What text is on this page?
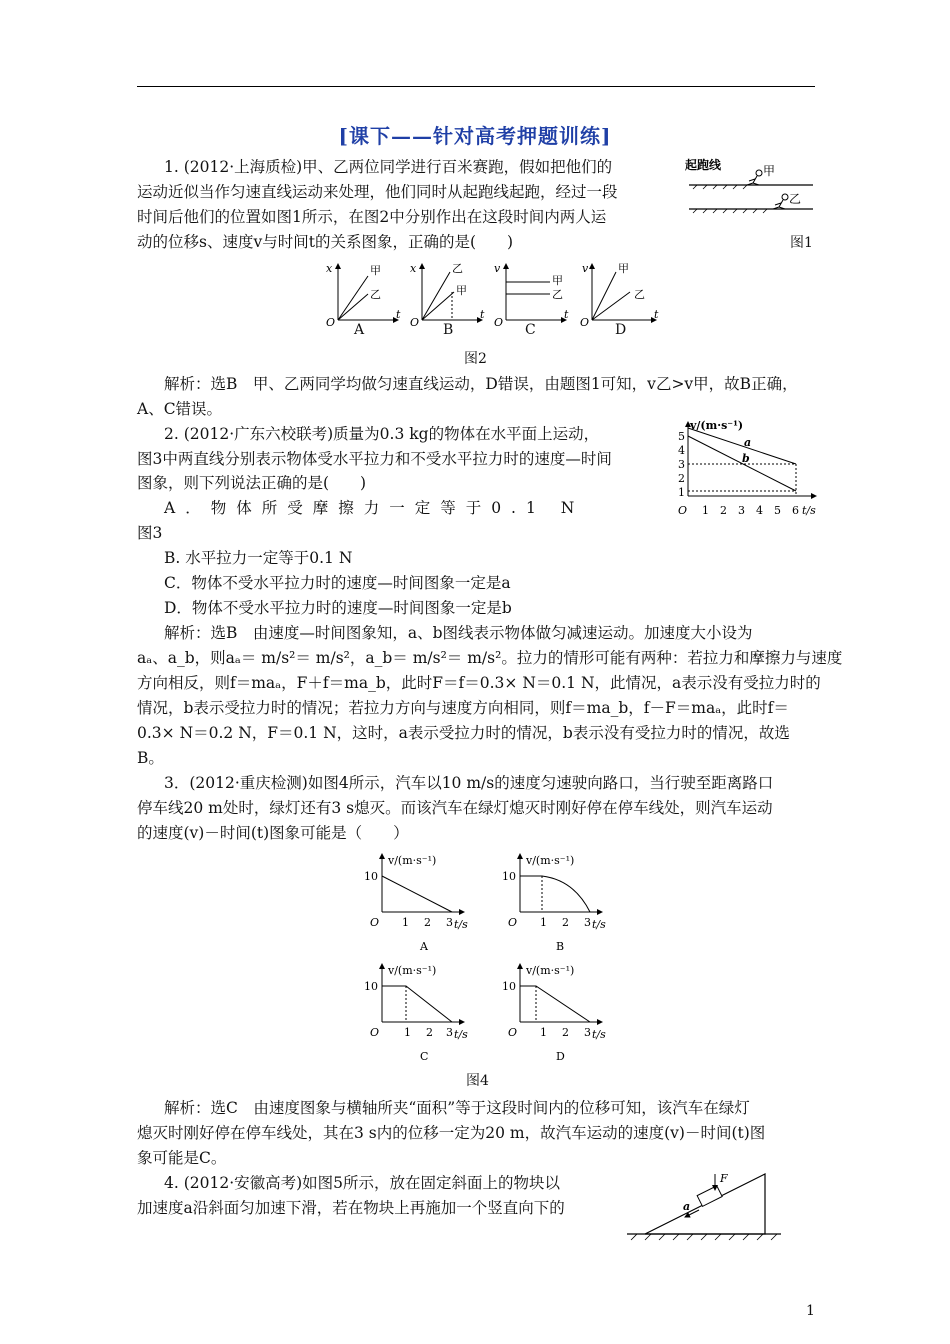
[课下——针对高考押题训练]
1. (2012·上海质检)甲、乙两位同学进行百米赛跑，假如把他们的
运动近似当作匀速直线运动来处理，他们同时从起跑线起跑，经过一段
时间后他们的位置如图1所示，在图2中分别作出在这段时间内两人运
动的位移s、速度v与时间t的关系图象，正确的是(　　)
起跑线	甲
乙
图1
x
O
t
甲
乙
x
O
t
乙
甲
v
O
t
甲
乙
v
O
t
甲
乙
A	B	C	D
图2
解析：选B　甲、乙两同学均做匀速直线运动，D错误，由题图1可知，v乙>v甲，故B正确，
A、C错误。
2. (2012·广东六校联考)质量为0.3 kg的物体在水平面上运动，
图3中两直线分别表示物体受水平拉力和不受水平拉力时的速度—时间
图象，则下列说法正确的是(　　)
A．物体所受摩擦力一定等于0.1 N
图3
v/(m·s⁻¹)
5
4
3
2
1
O 1 2 3 4 5 6 t/s
a
b
B. 水平拉力一定等于0.1 N
C．物体不受水平拉力时的速度—时间图象一定是a
D．物体不受水平拉力时的速度—时间图象一定是b
解析：选B　由速度—时间图象知，a、b图线表示物体做匀减速运动。加速度大小设为
aₐ、a_b，则aₐ＝ m/s²＝ m/s²，a_b＝ m/s²＝ m/s²。拉力的情形可能有两种：若拉力和摩擦力与速度
方向相反，则f＝maₐ，F＋f＝ma_b，此时F＝f＝0.3× N＝0.1 N，此情况，a表示没有受拉力时的
情况，b表示受拉力时的情况；若拉力方向与速度方向相同，则f＝ma_b，f－F＝maₐ，此时f＝
0.3× N＝0.2 N，F＝0.1 N，这时，a表示受拉力时的情况，b表示没有受拉力时的情况，故选
B。
3．(2012·重庆检测)如图4所示，汽车以10 m/s的速度匀速驶向路口，当行驶至距离路口
停车线20 m处时，绿灯还有3 s熄灭。而该汽车在绿灯熄灭时刚好停在停车线处，则汽车运动
的速度(v)－时间(t)图象可能是（　　）
v/(m·s⁻¹)
10
O 1 2 3 t/s
A
v/(m·s⁻¹)
10
O 1 2 3 t/s
B
v/(m·s⁻¹)
10
O 1 2 3 t/s
C
v/(m·s⁻¹)
10
O 1 2 3 t/s
D
图4
解析：选C　由速度图象与横轴所夹“面积”等于这段时间内的位移可知，该汽车在绿灯
熄灭时刚好停在停车线处，其在3 s内的位移一定为20 m，故汽车运动的速度(v)－时间(t)图
象可能是C。
4. (2012·安徽高考)如图5所示，放在固定斜面上的物块以
加速度a沿斜面匀加速下滑，若在物块上再施加一个竖直向下的
F
a
1
